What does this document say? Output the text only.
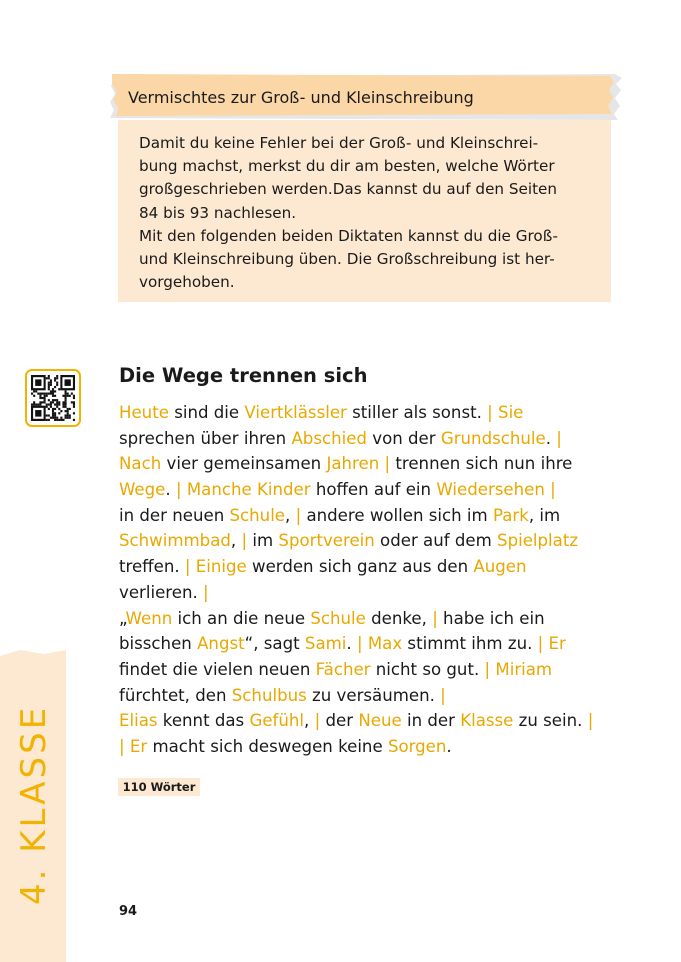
Vermischtes zur Groß- und Kleinschreibung
Damit du keine Fehler bei der Groß- und Kleinschrei-
bung machst, merkst du dir am besten, welche Wörter
großgeschrieben werden.Das kannst du auf den Seiten
84 bis 93 nachlesen.
Mit den folgenden beiden Diktaten kannst du die Groß-
und Kleinschreibung üben. Die Großschreibung ist her-
vorgehoben.
Die Wege trennen sich
Heute sind die Viertklässler stiller als sonst. | Sie
sprechen über ihren Abschied von der Grundschule. |
Nach vier gemeinsamen Jahren | trennen sich nun ihre
Wege. | Manche Kinder hoffen auf ein Wiedersehen |
in der neuen Schule, | andere wollen sich im Park, im
Schwimmbad, | im Sportverein oder auf dem Spielplatz
treffen. | Einige werden sich ganz aus den Augen
verlieren. |
„Wenn ich an die neue Schule denke, | habe ich ein
bisschen Angst“, sagt Sami. | Max stimmt ihm zu. | Er
findet die vielen neuen Fächer nicht so gut. | Miriam
fürchtet, den Schulbus zu versäumen. |
Elias kennt das Gefühl, | der Neue in der Klasse zu sein. |
| Er macht sich deswegen keine Sorgen.
110 Wörter
4. KLASSE
94
